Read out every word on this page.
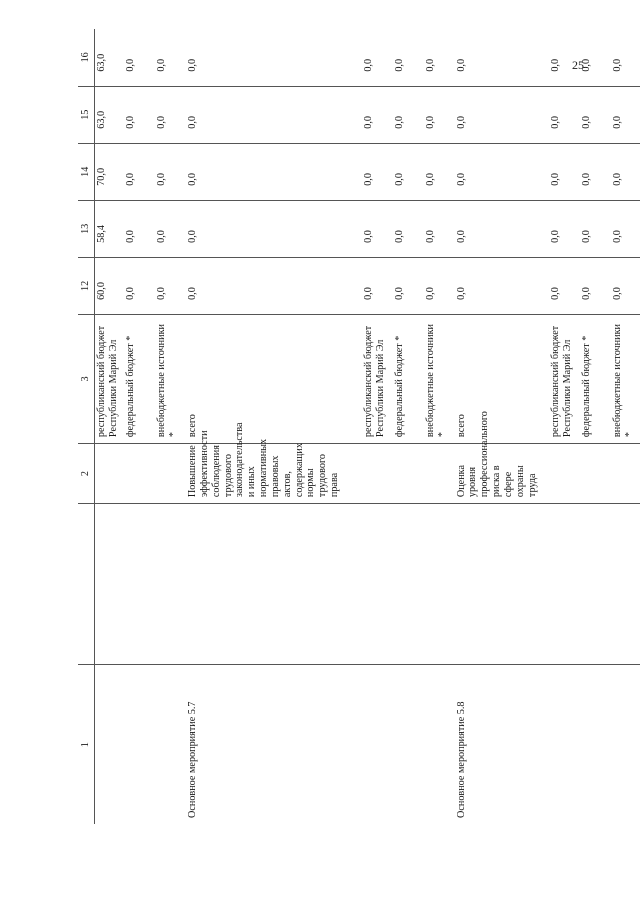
25
1		2	3	12	13	14	15	16
			республиканский бюджет Республики Марий Эл	60,0	58,4	70,0	63,0	63,0
			федеральный бюджет *	0,0	0,0	0,0	0,0	0,0
			внебюджетные источники *	0,0	0,0	0,0	0,0	0,0
Основное мероприятие 5.7		Повышение эффективности соблюдения трудового законодательства и иных нормативных правовых актов, содержащих нормы трудового права	всего	0,0	0,0	0,0	0,0	0,0
			республиканский бюджет Республики Марий Эл	0,0	0,0	0,0	0,0	0,0
			федеральный бюджет *	0,0	0,0	0,0	0,0	0,0
			внебюджетные источники *	0,0	0,0	0,0	0,0	0,0
Основное мероприятие 5.8		Оценка уровня профессионального риска в сфере охраны труда	всего	0,0	0,0	0,0	0,0	0,0
			республиканский бюджет Республики Марий Эл	0,0	0,0	0,0	0,0	0,0
			федеральный бюджет *	0,0	0,0	0,0	0,0	0,0
			внебюджетные источники *	0,0	0,0	0,0	0,0	0,0
